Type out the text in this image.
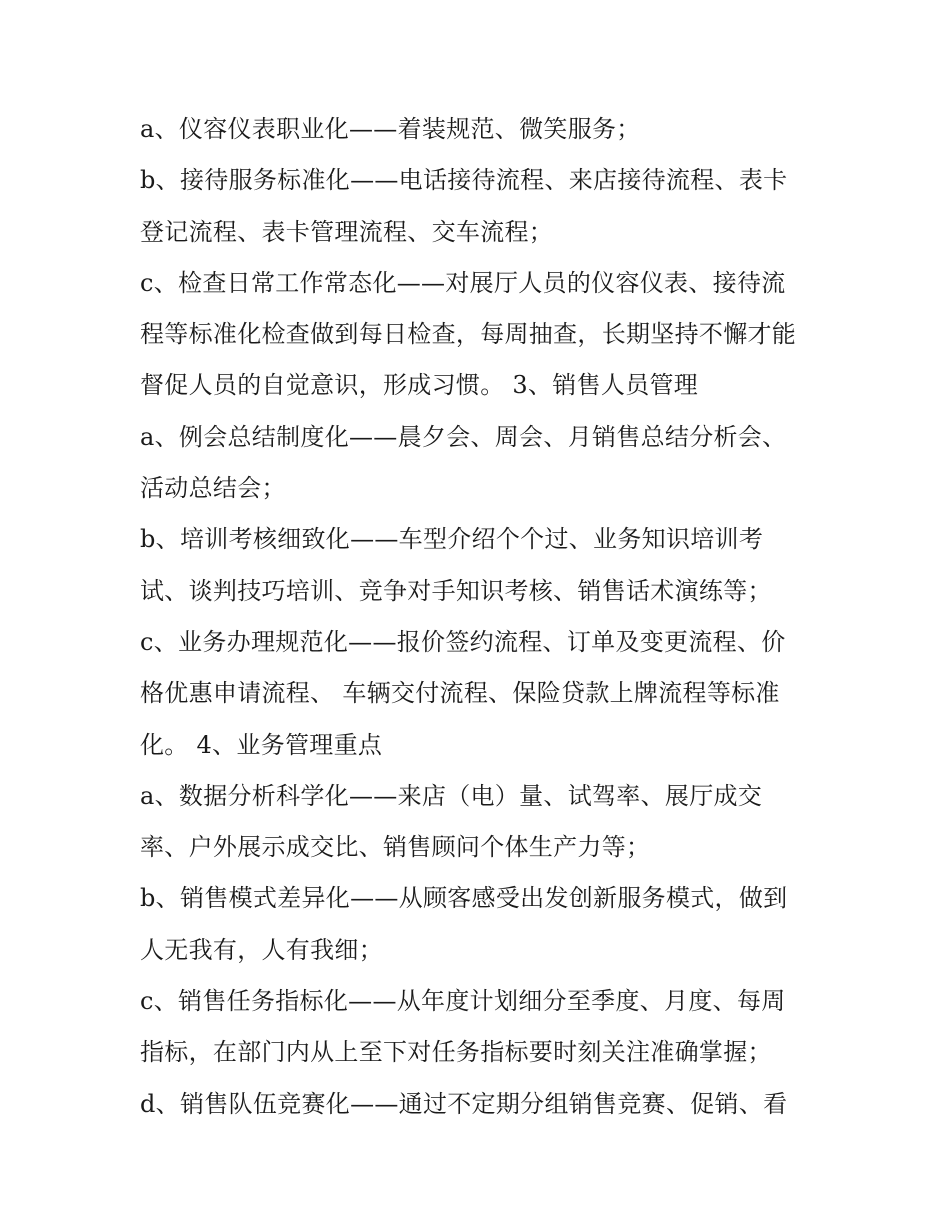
a、仪容仪表职业化——着装规范、微笑服务；
b、接待服务标准化——电话接待流程、来店接待流程、表卡
登记流程、表卡管理流程、交车流程；
c、检查日常工作常态化——对展厅人员的仪容仪表、接待流
程等标准化检查做到每日检查，每周抽查，长期坚持不懈才能
督促人员的自觉意识，形成习惯。 3、销售人员管理
a、例会总结制度化——晨夕会、周会、月销售总结分析会、
活动总结会；
b、培训考核细致化——车型介绍个个过、业务知识培训考
试、谈判技巧培训、竞争对手知识考核、销售话术演练等；
c、业务办理规范化——报价签约流程、订单及变更流程、价
格优惠申请流程、 车辆交付流程、保险贷款上牌流程等标准
化。 4、业务管理重点
a、数据分析科学化——来店（电）量、试驾率、展厅成交
率、户外展示成交比、销售顾问个体生产力等；
b、销售模式差异化——从顾客感受出发创新服务模式，做到
人无我有，人有我细；
c、销售任务指标化——从年度计划细分至季度、月度、每周
指标，在部门内从上至下对任务指标要时刻关注准确掌握；
d、销售队伍竞赛化——通过不定期分组销售竞赛、促销、看
